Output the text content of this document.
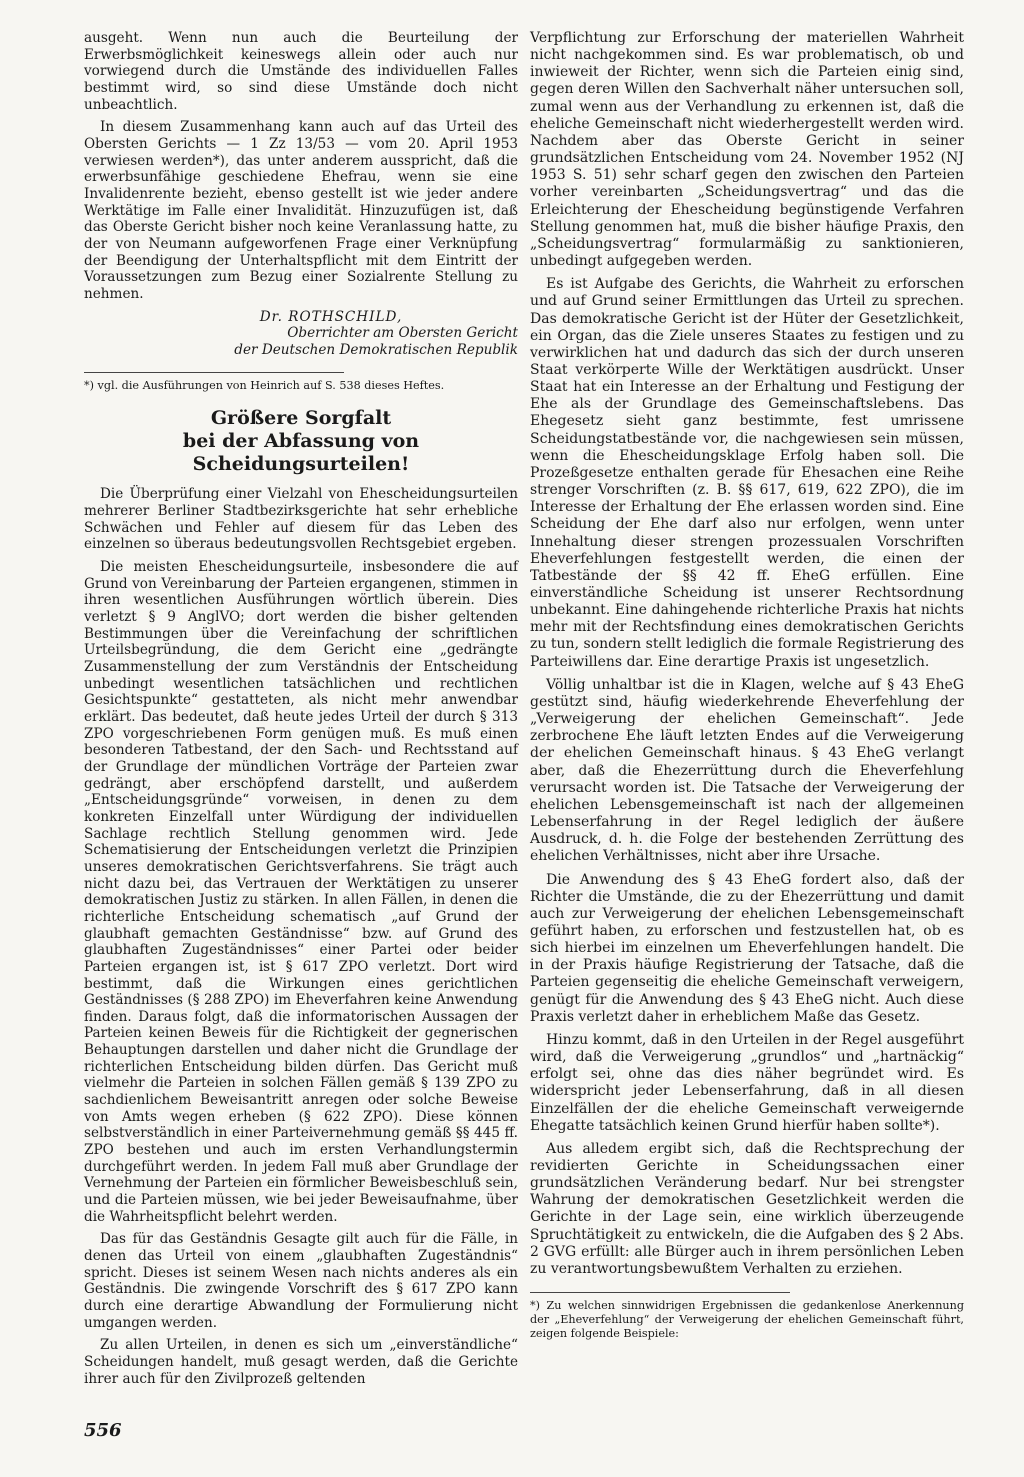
ausgeht. Wenn nun auch die Beurteilung der Erwerbsmöglichkeit keineswegs allein oder auch nur vorwiegend durch die Umstände des individuellen Falles bestimmt wird, so sind diese Umstände doch nicht unbeachtlich.

In diesem Zusammenhang kann auch auf das Urteil des Obersten Gerichts — 1 Zz 13/53 — vom 20. April 1953 verwiesen werden*), das unter anderem ausspricht, daß die erwerbsunfähige geschiedene Ehefrau, wenn sie eine Invalidenrente bezieht, ebenso gestellt ist wie jeder andere Werktätige im Falle einer Invalidität. Hinzuzufügen ist, daß das Oberste Gericht bisher noch keine Veranlassung hatte, zu der von Neumann aufgeworfenen Frage einer Verknüpfung der Beendigung der Unterhaltspflicht mit dem Eintritt der Voraussetzungen zum Bezug einer Sozialrente Stellung zu nehmen.

Dr. ROTHSCHILD,
Oberrichter am Obersten Gericht
der Deutschen Demokratischen Republik

*) vgl. die Ausführungen von Heinrich auf S. 538 dieses Heftes.

Größere Sorgfalt
bei der Abfassung von Scheidungsurteilen!

Die Überprüfung einer Vielzahl von Ehescheidungsurteilen mehrerer Berliner Stadtbezirksgerichte hat sehr erhebliche Schwächen und Fehler auf diesem für das Leben des einzelnen so überaus bedeutungsvollen Rechtsgebiet ergeben.

Die meisten Ehescheidungsurteile, insbesondere die auf Grund von Vereinbarung der Parteien ergangenen, stimmen in ihren wesentlichen Ausführungen wörtlich überein. Dies verletzt § 9 AnglVO; dort werden die bisher geltenden Bestimmungen über die Vereinfachung der schriftlichen Urteilsbegründung, die dem Gericht eine „gedrängte Zusammenstellung der zum Verständnis der Entscheidung unbedingt wesentlichen tatsächlichen und rechtlichen Gesichtspunkte“ gestatteten, als nicht mehr anwendbar erklärt. Das bedeutet, daß heute jedes Urteil der durch § 313 ZPO vorgeschriebenen Form genügen muß. Es muß einen besonderen Tatbestand, der den Sach- und Rechtsstand auf der Grundlage der mündlichen Vorträge der Parteien zwar gedrängt, aber erschöpfend darstellt, und außerdem „Entscheidungsgründe“ vorweisen, in denen zu dem konkreten Einzelfall unter Würdigung der individuellen Sachlage rechtlich Stellung genommen wird. Jede Schematisierung der Entscheidungen verletzt die Prinzipien unseres demokratischen Gerichtsverfahrens. Sie trägt auch nicht dazu bei, das Vertrauen der Werktätigen zu unserer demokratischen Justiz zu stärken. In allen Fällen, in denen die richterliche Entscheidung schematisch „auf Grund der glaubhaft gemachten Geständnisse“ bzw. auf Grund des glaubhaften Zugeständnisses“ einer Partei oder beider Parteien ergangen ist, ist § 617 ZPO verletzt. Dort wird bestimmt, daß die Wirkungen eines gerichtlichen Geständnisses (§ 288 ZPO) im Eheverfahren keine Anwendung finden. Daraus folgt, daß die informatorischen Aussagen der Parteien keinen Beweis für die Richtigkeit der gegnerischen Behauptungen darstellen und daher nicht die Grundlage der richterlichen Entscheidung bilden dürfen. Das Gericht muß vielmehr die Parteien in solchen Fällen gemäß § 139 ZPO zu sachdienlichem Beweisantritt anregen oder solche Beweise von Amts wegen erheben (§ 622 ZPO). Diese können selbstverständlich in einer Parteivernehmung gemäß §§ 445 ff. ZPO bestehen und auch im ersten Verhandlungstermin durchgeführt werden. In jedem Fall muß aber Grundlage der Vernehmung der Parteien ein förmlicher Beweisbeschluß sein, und die Parteien müssen, wie bei jeder Beweisaufnahme, über die Wahrheitspflicht belehrt werden.

Das für das Geständnis Gesagte gilt auch für die Fälle, in denen das Urteil von einem „glaubhaften Zugeständnis“ spricht. Dieses ist seinem Wesen nach nichts anderes als ein Geständnis. Die zwingende Vorschrift des § 617 ZPO kann durch eine derartige Abwandlung der Formulierung nicht umgangen werden.

Zu allen Urteilen, in denen es sich um „einverständliche“ Scheidungen handelt, muß gesagt werden, daß die Gerichte ihrer auch für den Zivilprozeß geltenden

Verpflichtung zur Erforschung der materiellen Wahrheit nicht nachgekommen sind. Es war problematisch, ob und inwieweit der Richter, wenn sich die Parteien einig sind, gegen deren Willen den Sachverhalt näher untersuchen soll, zumal wenn aus der Verhandlung zu erkennen ist, daß die eheliche Gemeinschaft nicht wiederhergestellt werden wird. Nachdem aber das Oberste Gericht in seiner grundsätzlichen Entscheidung vom 24. November 1952 (NJ 1953 S. 51) sehr scharf gegen den zwischen den Parteien vorher vereinbarten „Scheidungsvertrag“ und das die Erleichterung der Ehescheidung begünstigende Verfahren Stellung genommen hat, muß die bisher häufige Praxis, den „Scheidungsvertrag“ formularmäßig zu sanktionieren, unbedingt aufgegeben werden.

Es ist Aufgabe des Gerichts, die Wahrheit zu erforschen und auf Grund seiner Ermittlungen das Urteil zu sprechen. Das demokratische Gericht ist der Hüter der Gesetzlichkeit, ein Organ, das die Ziele unseres Staates zu festigen und zu verwirklichen hat und dadurch das sich der durch unseren Staat verkörperte Wille der Werktätigen ausdrückt. Unser Staat hat ein Interesse an der Erhaltung und Festigung der Ehe als der Grundlage des Gemeinschaftslebens. Das Ehegesetz sieht ganz bestimmte, fest umrissene Scheidungstatbestände vor, die nachgewiesen sein müssen, wenn die Ehescheidungsklage Erfolg haben soll. Die Prozeßgesetze enthalten gerade für Ehesachen eine Reihe strenger Vorschriften (z. B. §§ 617, 619, 622 ZPO), die im Interesse der Erhaltung der Ehe erlassen worden sind. Eine Scheidung der Ehe darf also nur erfolgen, wenn unter Innehaltung dieser strengen prozessualen Vorschriften Eheverfehlungen festgestellt werden, die einen der Tatbestände der §§ 42 ff. EheG erfüllen. Eine einverständliche Scheidung ist unserer Rechtsordnung unbekannt. Eine dahingehende richterliche Praxis hat nichts mehr mit der Rechtsfindung eines demokratischen Gerichts zu tun, sondern stellt lediglich die formale Registrierung des Parteiwillens dar. Eine derartige Praxis ist ungesetzlich.

Völlig unhaltbar ist die in Klagen, welche auf § 43 EheG gestützt sind, häufig wiederkehrende Eheverfehlung der „Verweigerung der ehelichen Gemeinschaft“. Jede zerbrochene Ehe läuft letzten Endes auf die Verweigerung der ehelichen Gemeinschaft hinaus. § 43 EheG verlangt aber, daß die Ehezerrüttung durch die Eheverfehlung verursacht worden ist. Die Tatsache der Verweigerung der ehelichen Lebensgemeinschaft ist nach der allgemeinen Lebenserfahrung in der Regel lediglich der äußere Ausdruck, d. h. die Folge der bestehenden Zerrüttung des ehelichen Verhältnisses, nicht aber ihre Ursache.

Die Anwendung des § 43 EheG fordert also, daß der Richter die Umstände, die zu der Ehezerrüttung und damit auch zur Verweigerung der ehelichen Lebensgemeinschaft geführt haben, zu erforschen und festzustellen hat, ob es sich hierbei im einzelnen um Eheverfehlungen handelt. Die in der Praxis häufige Registrierung der Tatsache, daß die Parteien gegenseitig die eheliche Gemeinschaft verweigern, genügt für die Anwendung des § 43 EheG nicht. Auch diese Praxis verletzt daher in erheblichem Maße das Gesetz.

Hinzu kommt, daß in den Urteilen in der Regel ausgeführt wird, daß die Verweigerung „grundlos“ und „hartnäckig“ erfolgt sei, ohne das dies näher begründet wird. Es widerspricht jeder Lebenserfahrung, daß in all diesen Einzelfällen der die eheliche Gemeinschaft verweigernde Ehegatte tatsächlich keinen Grund hierfür haben sollte*).

Aus alledem ergibt sich, daß die Rechtsprechung der revidierten Gerichte in Scheidungssachen einer grundsätzlichen Veränderung bedarf. Nur bei strengster Wahrung der demokratischen Gesetzlichkeit werden die Gerichte in der Lage sein, eine wirklich überzeugende Spruchtätigkeit zu entwickeln, die die Aufgaben des § 2 Abs. 2 GVG erfüllt: alle Bürger auch in ihrem persönlichen Leben zu verantwortungsbewußtem Verhalten zu erziehen.

*) Zu welchen sinnwidrigen Ergebnissen die gedankenlose Anerkennung der „Eheverfehlung“ der Verweigerung der ehelichen Gemeinschaft führt, zeigen folgende Beispiele:

556
